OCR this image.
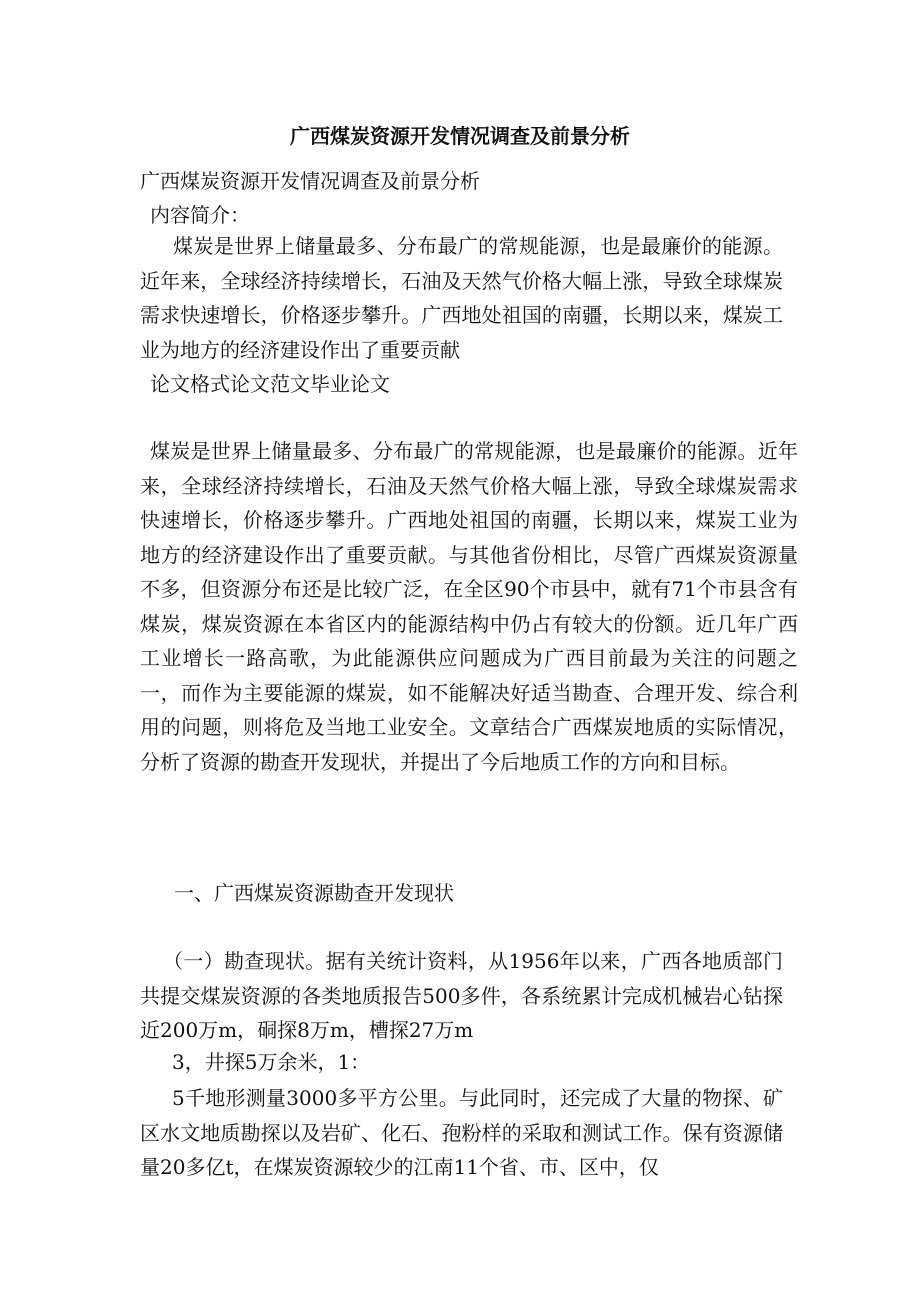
广西煤炭资源开发情况调查及前景分析

广西煤炭资源开发情况调查及前景分析

内容简介：

煤炭是世界上储量最多、分布最广的常规能源，也是最廉价的能源。近年来，全球经济持续增长，石油及天然气价格大幅上涨，导致全球煤炭需求快速增长，价格逐步攀升。广西地处祖国的南疆，长期以来，煤炭工业为地方的经济建设作出了重要贡献

论文格式论文范文毕业论文

煤炭是世界上储量最多、分布最广的常规能源，也是最廉价的能源。近年来，全球经济持续增长，石油及天然气价格大幅上涨，导致全球煤炭需求快速增长，价格逐步攀升。广西地处祖国的南疆，长期以来，煤炭工业为地方的经济建设作出了重要贡献。与其他省份相比，尽管广西煤炭资源量不多，但资源分布还是比较广泛，在全区90个市县中，就有71个市县含有煤炭，煤炭资源在本省区内的能源结构中仍占有较大的份额。近几年广西工业增长一路高歌，为此能源供应问题成为广西目前最为关注的问题之一，而作为主要能源的煤炭，如不能解决好适当勘查、合理开发、综合利用的问题，则将危及当地工业安全。文章结合广西煤炭地质的实际情况，分析了资源的勘查开发现状，并提出了今后地质工作的方向和目标。

一、广西煤炭资源勘查开发现状

（一）勘查现状。据有关统计资料，从1956年以来，广西各地质部门共提交煤炭资源的各类地质报告500多件，各系统累计完成机械岩心钻探近200万m，硐探8万m，槽探27万m

3，井探5万余米，1：

5千地形测量3000多平方公里。与此同时，还完成了大量的物探、矿区水文地质勘探以及岩矿、化石、孢粉样的采取和测试工作。保有资源储量20多亿t，在煤炭资源较少的江南11个省、市、区中，仅
